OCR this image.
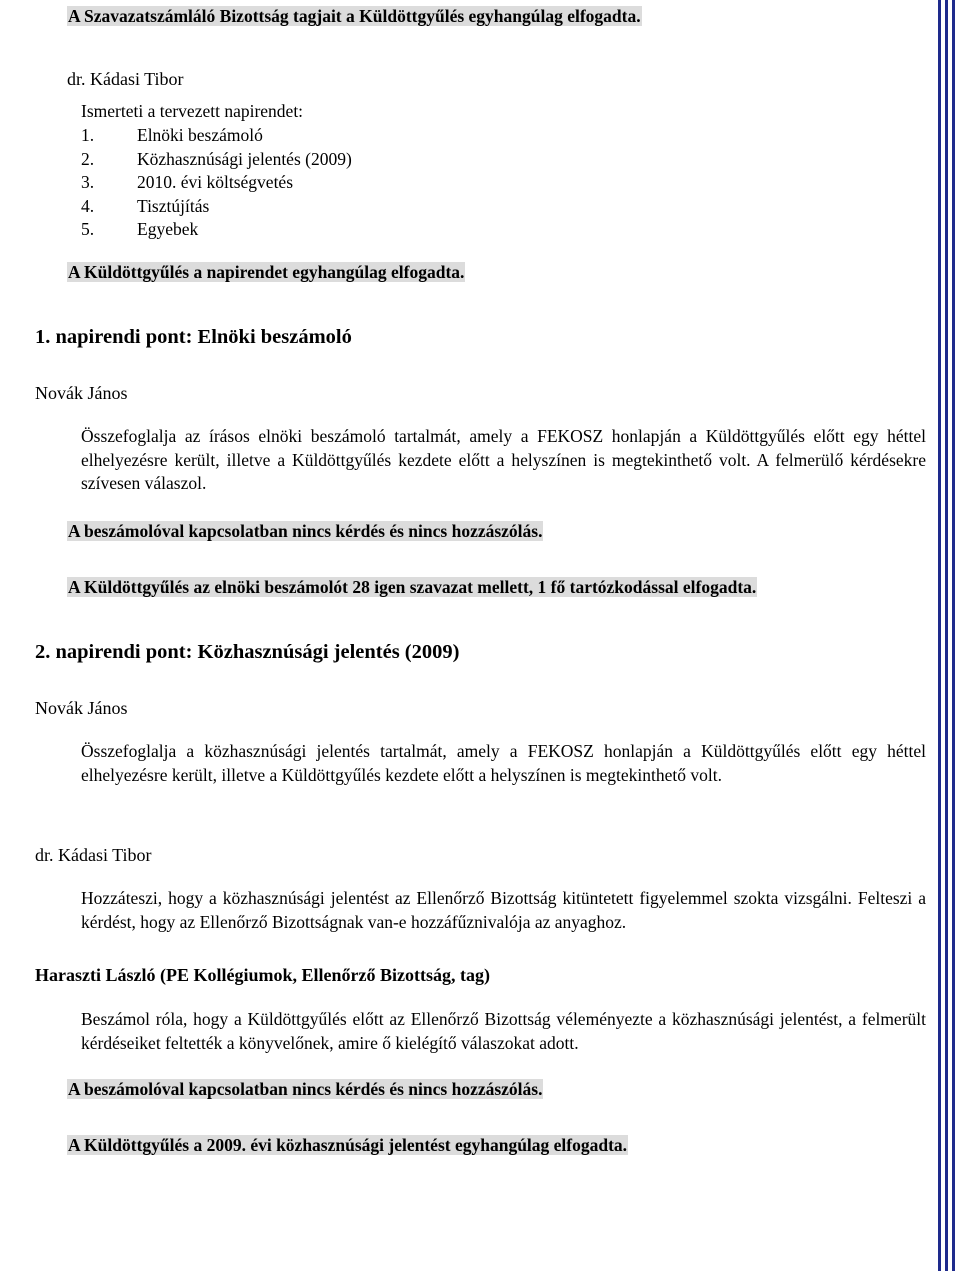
A Szavazatszámláló Bizottság tagjait a Küldöttgyűlés egyhangúlag elfogadta.
dr. Kádasi Tibor
Ismerteti a tervezett napirendet:
1.	Elnöki beszámoló
2.	Közhasznúsági jelentés (2009)
3.	2010. évi költségvetés
4.	Tisztújítás
5.	Egyebek
A Küldöttgyűlés a napirendet egyhangúlag elfogadta.
1. napirendi pont: Elnöki beszámoló
Novák János
Összefoglalja az írásos elnöki beszámoló tartalmát, amely a FEKOSZ honlapján a Küldöttgyűlés előtt egy héttel elhelyezésre került, illetve a Küldöttgyűlés kezdete előtt a helyszínen is megtekinthető volt. A felmerülő kérdésekre szívesen válaszol.
A beszámolóval kapcsolatban nincs kérdés és nincs hozzászólás.
A Küldöttgyűlés az elnöki beszámolót 28 igen szavazat mellett, 1 fő tartózkodással elfogadta.
2. napirendi pont: Közhasznúsági jelentés (2009)
Novák János
Összefoglalja a közhasznúsági jelentés tartalmát, amely a FEKOSZ honlapján a Küldöttgyűlés előtt egy héttel elhelyezésre került, illetve a Küldöttgyűlés kezdete előtt a helyszínen is megtekinthető volt.
dr. Kádasi Tibor
Hozzáteszi, hogy a közhasznúsági jelentést az Ellenőrző Bizottság kitüntetett figyelemmel szokta vizsgálni. Felteszi a kérdést, hogy az Ellenőrző Bizottságnak van-e hozzáfűznivalója az anyaghoz.
Haraszti László (PE Kollégiumok, Ellenőrző Bizottság, tag)
Beszámol róla, hogy a Küldöttgyűlés előtt az Ellenőrző Bizottság véleményezte a közhasznúsági jelentést, a felmerült kérdéseiket feltették a könyvelőnek, amire ő kielégítő válaszokat adott.
A beszámolóval kapcsolatban nincs kérdés és nincs hozzászólás.
A Küldöttgyűlés a 2009. évi közhasznúsági jelentést egyhangúlag elfogadta.
